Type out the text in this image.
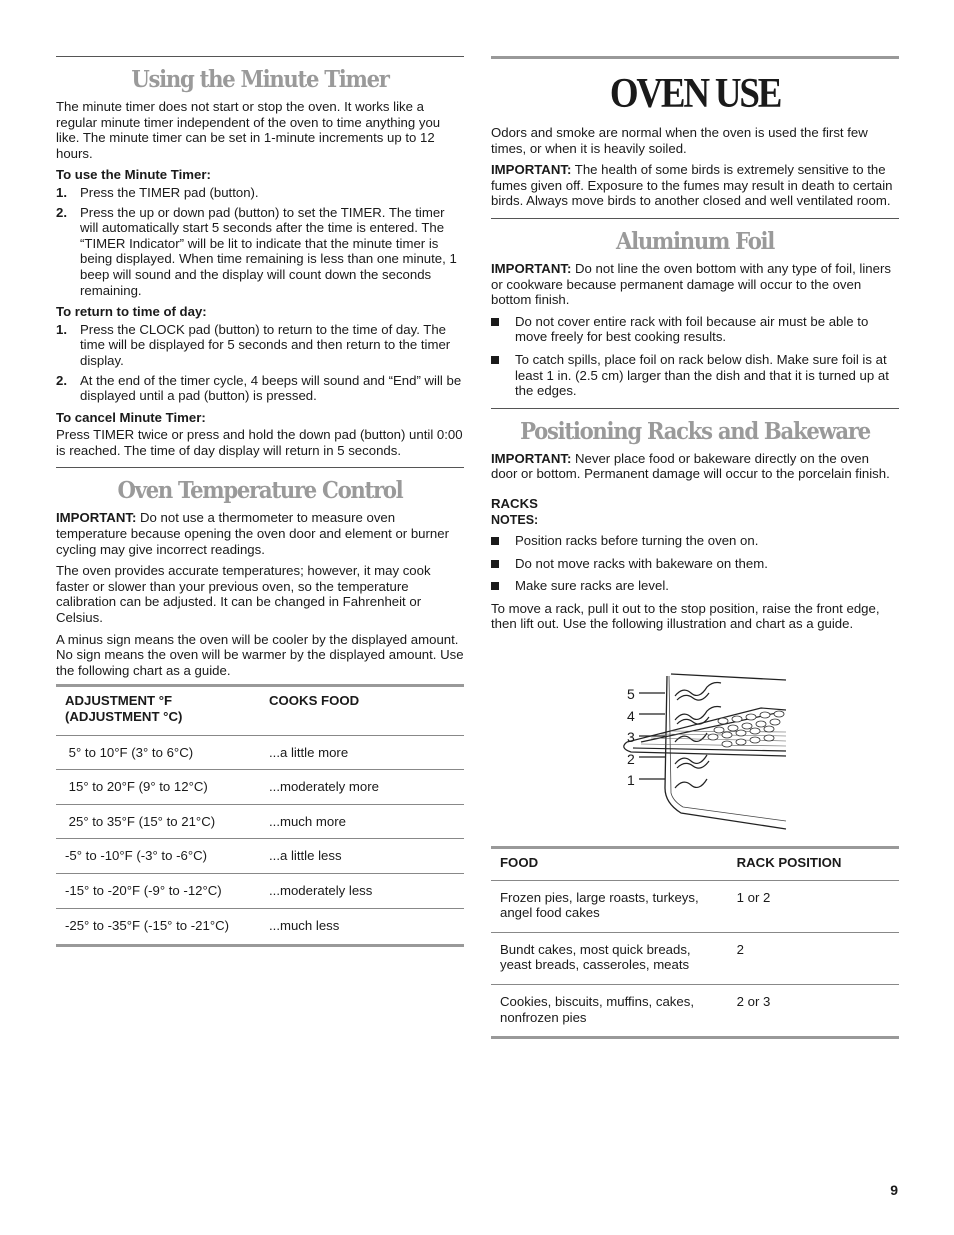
Using the Minute Timer

The minute timer does not start or stop the oven. It works like a regular minute timer independent of the oven to time anything you like. The minute timer can be set in 1-minute increments up to 12 hours.

To use the Minute Timer:
1. Press the TIMER pad (button).
2. Press the up or down pad (button) to set the TIMER. The timer will automatically start 5 seconds after the time is entered. The “TIMER Indicator” will be lit to indicate that the minute timer is being displayed. When time remaining is less than one minute, 1 beep will sound and the display will count down the seconds remaining.
To return to time of day:
1. Press the CLOCK pad (button) to return to the time of day. The time will be displayed for 5 seconds and then return to the timer display.
2. At the end of the timer cycle, 4 beeps will sound and “End” will be displayed until a pad (button) is pressed.
To cancel Minute Timer:

Press TIMER twice or press and hold the down pad (button) until 0:00 is reached. The time of day display will return in 5 seconds.

Oven Temperature Control

IMPORTANT: Do not use a thermometer to measure oven temperature because opening the oven door and element or burner cycling may give incorrect readings.

The oven provides accurate temperatures; however, it may cook faster or slower than your previous oven, so the temperature calibration can be adjusted. It can be changed in Fahrenheit or Celsius.

A minus sign means the oven will be cooler by the displayed amount. No sign means the oven will be warmer by the displayed amount. Use the following chart as a guide.

ADJUSTMENT °F
(ADJUSTMENT °C)	COOKS FOOD
5° to 10°F (3° to 6°C)	...a little more
15° to 20°F (9° to 12°C)	...moderately more
25° to 35°F (15° to 21°C)	...much more
-5° to -10°F (-3° to -6°C)	...a little less
-15° to -20°F (-9° to -12°C)	...moderately less
-25° to -35°F (-15° to -21°C)	...much less
OVEN USE

Odors and smoke are normal when the oven is used the first few times, or when it is heavily soiled.

IMPORTANT: The health of some birds is extremely sensitive to the fumes given off. Exposure to the fumes may result in death to certain birds. Always move birds to another closed and well ventilated room.

Aluminum Foil

IMPORTANT: Do not line the oven bottom with any type of foil, liners or cookware because permanent damage will occur to the oven bottom finish.

Do not cover entire rack with foil because air must be able to move freely for best cooking results.
To catch spills, place foil on rack below dish. Make sure foil is at least 1 in. (2.5 cm) larger than the dish and that it is turned up at the edges.
Positioning Racks and Bakeware

IMPORTANT: Never place food or bakeware directly on the oven door or bottom. Permanent damage will occur to the porcelain finish.

RACKS
NOTES:
Position racks before turning the oven on.
Do not move racks with bakeware on them.
Make sure racks are level.

To move a rack, pull it out to the stop position, raise the front edge, then lift out. Use the following illustration and chart as a guide.

5
4
3
2
1
FOOD	RACK POSITION
Frozen pies, large roasts, turkeys, angel food cakes	1 or 2
Bundt cakes, most quick breads, yeast breads, casseroles, meats	2
Cookies, biscuits, muffins, cakes, nonfrozen pies	2 or 3
9
